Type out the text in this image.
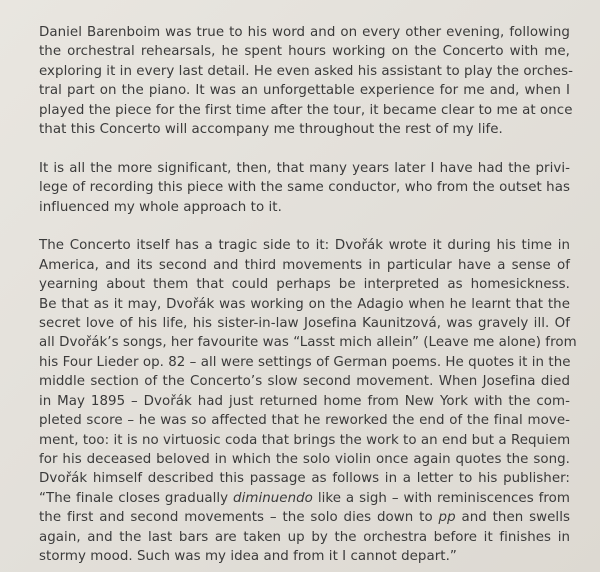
Daniel Barenboim was true to his word and on every other evening, following
the orchestral rehearsals, he spent hours working on the Concerto with me,
exploring it in every last detail. He even asked his assistant to play the orches-
tral part on the piano. It was an unforgettable experience for me and, when I
played the piece for the first time after the tour, it became clear to me at once
that this Concerto will accompany me throughout the rest of my life.
It is all the more significant, then, that many years later I have had the privi-
lege of recording this piece with the same conductor, who from the outset has
influenced my whole approach to it.
The Concerto itself has a tragic side to it: Dvořák wrote it during his time in
America, and its second and third movements in particular have a sense of
yearning about them that could perhaps be interpreted as homesickness.
Be that as it may, Dvořák was working on the Adagio when he learnt that the
secret love of his life, his sister-in-law Josefina Kaunitzová, was gravely ill. Of
all Dvořák’s songs, her favourite was “Lasst mich allein” (Leave me alone) from
his Four Lieder op. 82 – all were settings of German poems. He quotes it in the
middle section of the Concerto’s slow second movement. When Josefina died
in May 1895 – Dvořák had just returned home from New York with the com-
pleted score – he was so affected that he reworked the end of the final move-
ment, too: it is no virtuosic coda that brings the work to an end but a Requiem
for his deceased beloved in which the solo violin once again quotes the song.
Dvořák himself described this passage as follows in a letter to his publisher:
“The finale closes gradually diminuendo like a sigh – with reminiscences from
the first and second movements – the solo dies down to pp and then swells
again, and the last bars are taken up by the orchestra before it finishes in
stormy mood. Such was my idea and from it I cannot depart.”
